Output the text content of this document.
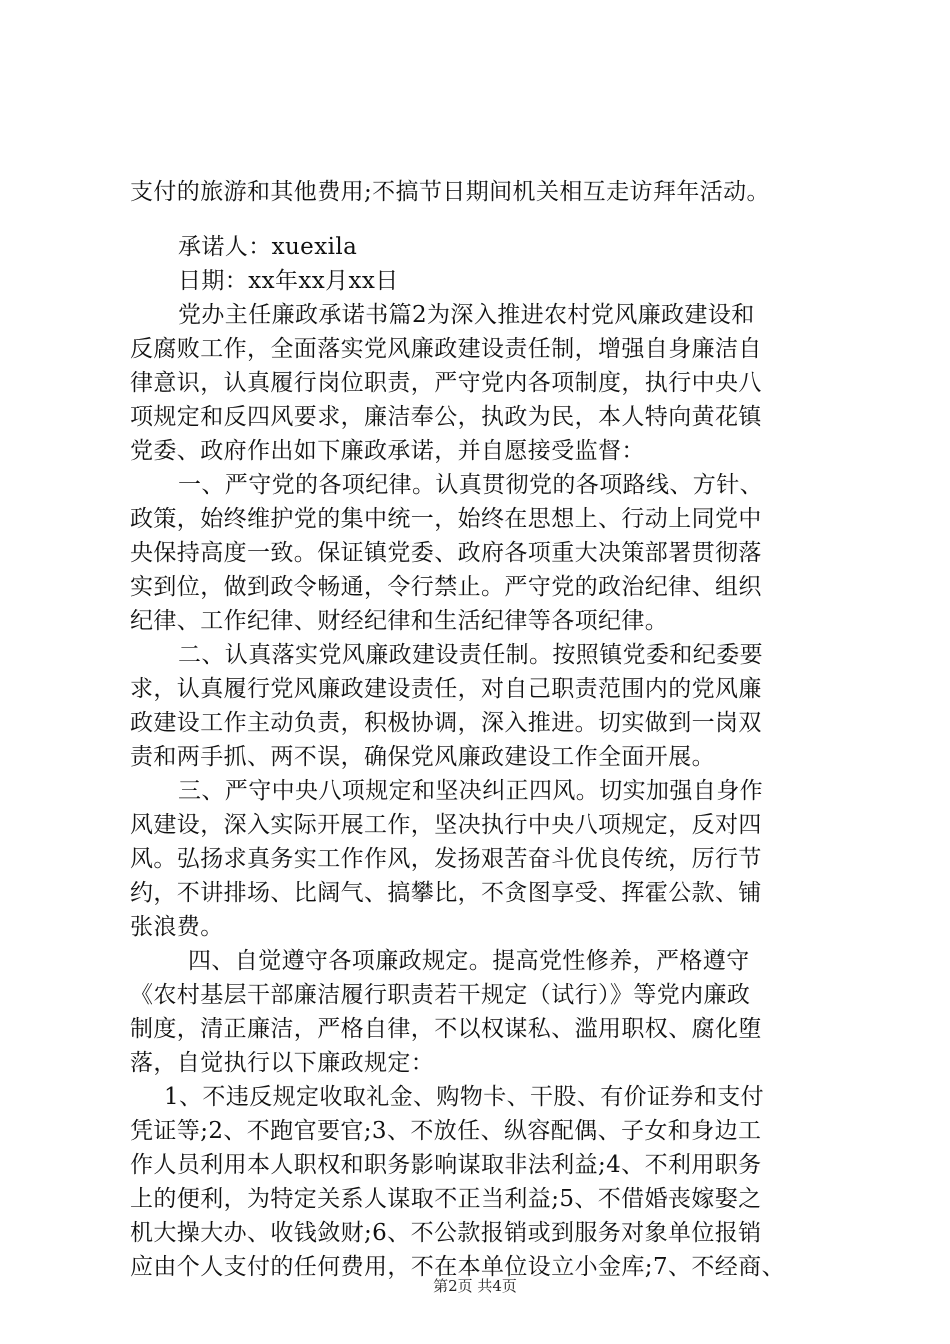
支付的旅游和其他费用;不搞节日期间机关相互走访拜年活动。
承诺人：xuexila
日期：xx年xx月xx日
党办主任廉政承诺书篇2为深入推进农村党风廉政建设和
反腐败工作，全面落实党风廉政建设责任制，增强自身廉洁自
律意识，认真履行岗位职责，严守党内各项制度，执行中央八
项规定和反四风要求，廉洁奉公，执政为民，本人特向黄花镇
党委、政府作出如下廉政承诺，并自愿接受监督：
一、严守党的各项纪律。认真贯彻党的各项路线、方针、
政策，始终维护党的集中统一，始终在思想上、行动上同党中
央保持高度一致。保证镇党委、政府各项重大决策部署贯彻落
实到位，做到政令畅通，令行禁止。严守党的政治纪律、组织
纪律、工作纪律、财经纪律和生活纪律等各项纪律。
二、认真落实党风廉政建设责任制。按照镇党委和纪委要
求，认真履行党风廉政建设责任，对自己职责范围内的党风廉
政建设工作主动负责，积极协调，深入推进。切实做到一岗双
责和两手抓、两不误，确保党风廉政建设工作全面开展。
三、严守中央八项规定和坚决纠正四风。切实加强自身作
风建设，深入实际开展工作，坚决执行中央八项规定，反对四
风。弘扬求真务实工作作风，发扬艰苦奋斗优良传统，厉行节
约，不讲排场、比阔气、搞攀比，不贪图享受、挥霍公款、铺
张浪费。
四、自觉遵守各项廉政规定。提高党性修养，严格遵守
《农村基层干部廉洁履行职责若干规定（试行）》等党内廉政
制度，清正廉洁，严格自律，不以权谋私、滥用职权、腐化堕
落，自觉执行以下廉政规定：
1、不违反规定收取礼金、购物卡、干股、有价证券和支付
凭证等;2、不跑官要官;3、不放任、纵容配偶、子女和身边工
作人员利用本人职权和职务影响谋取非法利益;4、不利用职务
上的便利，为特定关系人谋取不正当利益;5、不借婚丧嫁娶之
机大操大办、收钱敛财;6、不公款报销或到服务对象单位报销
应由个人支付的任何费用，不在本单位设立小金库;7、不经商、
第2页 共4页
